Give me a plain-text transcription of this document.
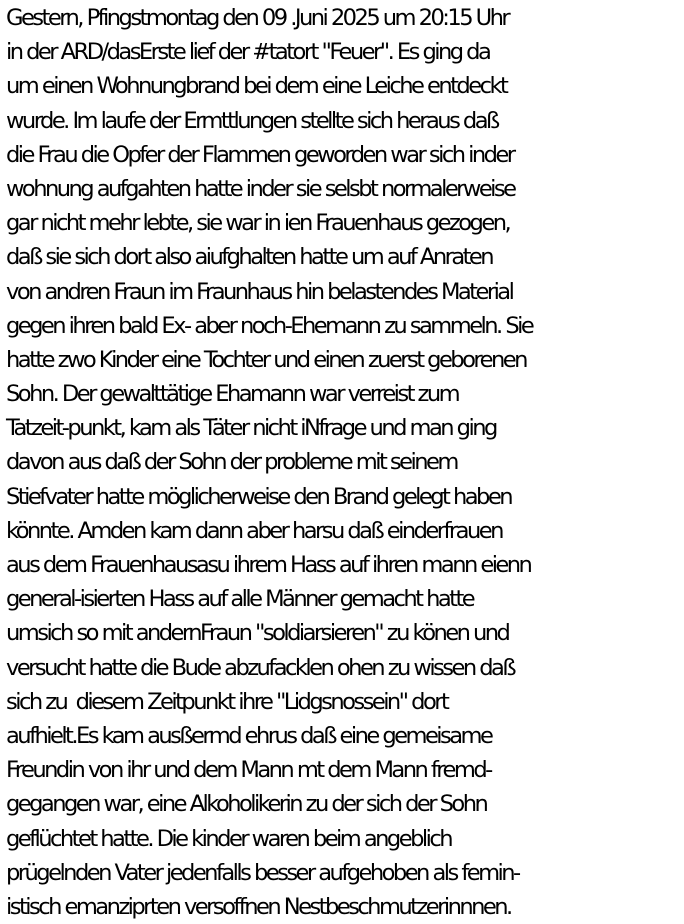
Gestern, Pfingstmontag den 09 .Juni 2025 um 20:15 Uhr
in der ARD/dasErste lief der #tatort "Feuer". Es ging da
um einen Wohnungbrand bei dem eine Leiche entdeckt
wurde. Im laufe der Ermttlungen stellte sich heraus daß
die Frau die Opfer der Flammen geworden war sich inder
wohnung aufgahten hatte inder sie selsbt normalerweise
gar nicht mehr lebte, sie war in ien Frauenhaus gezogen,
daß sie sich dort also aiufghalten hatte um auf Anraten
von andren Fraun im Fraunhaus hin belastendes Material
gegen ihren bald Ex- aber noch-Ehemann zu sammeln. Sie
hatte zwo Kinder eine Tochter und einen zuerst geborenen
Sohn. Der gewalttätige Ehamann war verreist zum
Tatzeit-punkt, kam als Täter nicht iNfrage und man ging
davon aus daß der Sohn der probleme mit seinem
Stiefvater hatte möglicherweise den Brand gelegt haben
könnte. Amden kam dann aber harsu daß einderfrauen
aus dem Frauenhausasu ihrem Hass auf ihren mann eienn
general-isierten Hass auf alle Männer gemacht hatte
umsich so mit andernFraun "soldiarsieren" zu könen und
versucht hatte die Bude abzufacklen ohen zu wissen daß
sich zu  diesem Zeitpunkt ihre "Lidgsnossein" dort
aufhielt.Es kam ausßermd ehrus daß eine gemeisame
Freundin von ihr und dem Mann mt dem Mann fremd-
gegangen war, eine Alkoholikerin zu der sich der Sohn
geflüchtet hatte. Die kinder waren beim angeblich
prügelnden Vater jedenfalls besser aufgehoben als femin-
istisch emanziprten versoffnen Nestbeschmutzerinnnen.
